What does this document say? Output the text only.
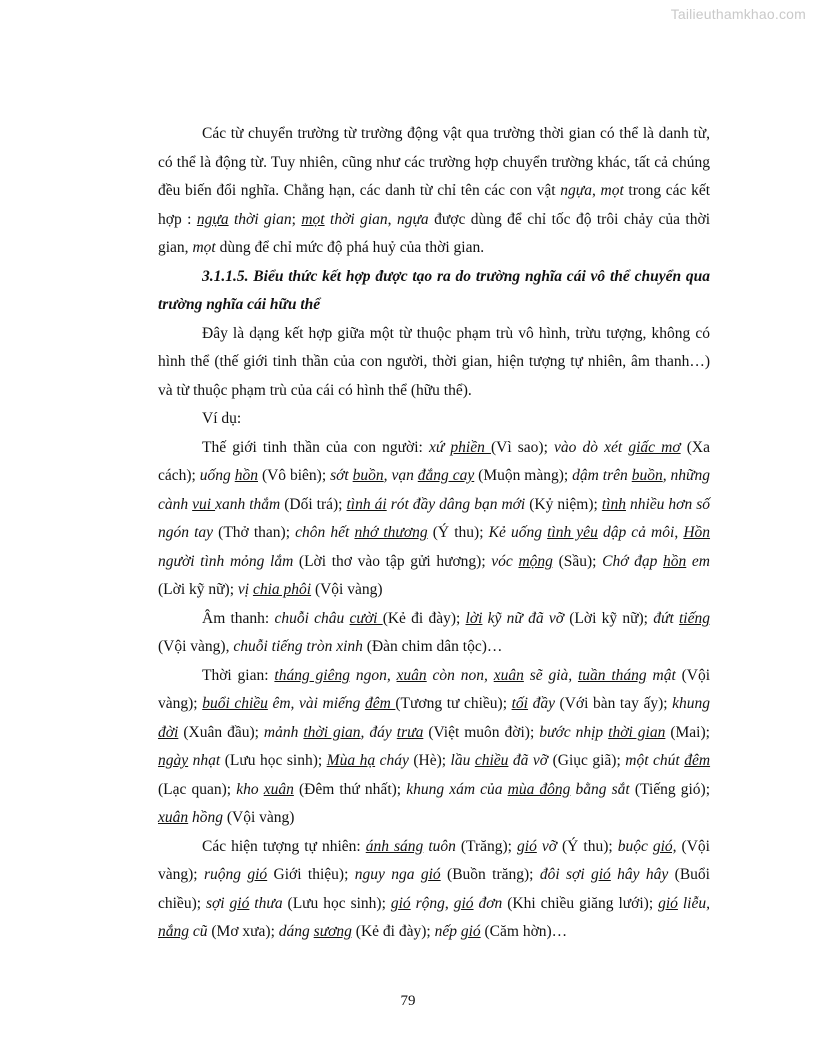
Tailieuthamkhao.com

Các từ chuyển trường từ trường động vật qua trường thời gian có thể là danh từ, có thể là động từ. Tuy nhiên, cũng như các trường hợp chuyển trường khác, tất cả chúng đều biến đổi nghĩa. Chẳng hạn, các danh từ chỉ tên các con vật ngựa, mọt trong các kết hợp : ngựa thời gian; mọt thời gian, ngựa được dùng để chỉ tốc độ trôi chảy của thời gian, mọt dùng để chỉ mức độ phá huỷ của thời gian.

3.1.1.5. Biểu thức kết hợp được tạo ra do trường nghĩa cái vô thể chuyển qua trường nghĩa cái hữu thể

Đây là dạng kết hợp giữa một từ thuộc phạm trù vô hình, trừu tượng, không có hình thể (thế giới tinh thần của con người, thời gian, hiện tượng tự nhiên, âm thanh…) và từ thuộc phạm trù của cái có hình thể (hữu thể).

Ví dụ:

Thế giới tinh thần của con người: xứ phiền (Vì sao); vào dò xét giấc mơ (Xa cách); uống hồn (Vô biên); sớt buồn, vạn đắng cay (Muộn màng); dậm trên buồn, những cành vui xanh thắm (Dối trá); tình ái rót đầy dâng bạn mới (Kỷ niệm); tình nhiều hơn số ngón tay (Thở than); chôn hết nhớ thương (Ý thu); Kẻ uống tình yêu dập cả môi, Hồn người tình mỏng lắm (Lời thơ vào tập gửi hương); vóc mộng (Sầu); Chớ đạp hồn em (Lời kỹ nữ); vị chia phôi (Vội vàng)

Âm thanh: chuỗi châu cười (Kẻ đi đày); lời kỹ nữ đã vỡ (Lời kỹ nữ); đứt tiếng (Vội vàng), chuỗi tiếng tròn xinh (Đàn chim dân tộc)…

Thời gian: tháng giêng ngon, xuân còn non, xuân sẽ già, tuần tháng mật (Vội vàng); buổi chiều êm, vài miếng đêm (Tương tư chiều); tối đầy (Với bàn tay ấy); khung đời (Xuân đầu); mảnh thời gian, đáy trưa (Việt muôn đời); bước nhịp thời gian (Mai); ngày nhạt (Lưu học sinh); Mùa hạ cháy (Hè); lầu chiều đã vỡ (Giục giã); một chút đêm (Lạc quan); kho xuân (Đêm thứ nhất); khung xám của mùa đông bằng sắt (Tiếng gió); xuân hồng (Vội vàng)

Các hiện tượng tự nhiên: ánh sáng tuôn (Trăng); gió vỡ (Ý thu); buộc gió, (Vội vàng); ruộng gió Giới thiệu); nguy nga gió (Buồn trăng); đôi sợi gió hây hây (Buổi chiều); sợi gió thưa (Lưu học sinh); gió rộng, gió đơn (Khi chiều giăng lưới); gió liễu, nắng cũ (Mơ xưa); dáng sương (Kẻ đi đày); nếp gió (Căm hờn)…

79
